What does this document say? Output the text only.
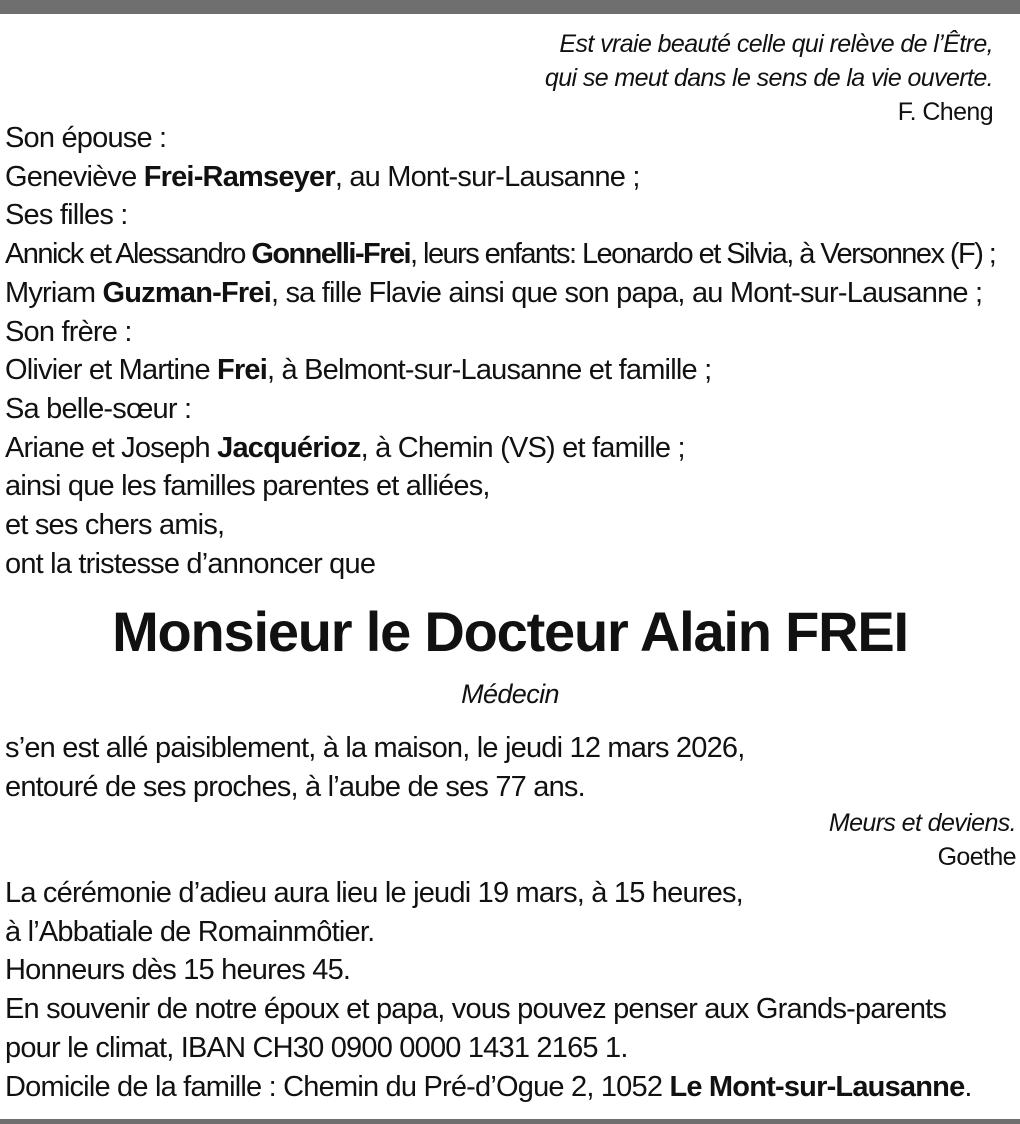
Est vraie beauté celle qui relève de l’Être,
qui se meut dans le sens de la vie ouverte.
F. Cheng
Son épouse :
Geneviève Frei-Ramseyer, au Mont-sur-Lausanne ;
Ses filles :
Annick et Alessandro Gonnelli-Frei, leurs enfants: Leonardo et Silvia, à Versonnex (F) ;
Myriam Guzman-Frei, sa fille Flavie ainsi que son papa, au Mont-sur-Lausanne ;
Son frère :
Olivier et Martine Frei, à Belmont-sur-Lausanne et famille ;
Sa belle-sœur :
Ariane et Joseph Jacquérioz, à Chemin (VS) et famille ;
ainsi que les familles parentes et alliées,
et ses chers amis,
ont la tristesse d’annoncer que
Monsieur le Docteur Alain FREI
Médecin
s’en est allé paisiblement, à la maison, le jeudi 12 mars 2026,
entouré de ses proches, à l’aube de ses 77 ans.
Meurs et deviens.
Goethe
La cérémonie d’adieu aura lieu le jeudi 19 mars, à 15 heures,
à l’Abbatiale de Romainmôtier.
Honneurs dès 15 heures 45.
En souvenir de notre époux et papa, vous pouvez penser aux Grands-parents
pour le climat, IBAN CH30 0900 0000 1431 2165 1.
Domicile de la famille : Chemin du Pré-d’Ogue 2, 1052 Le Mont-sur-Lausanne.
